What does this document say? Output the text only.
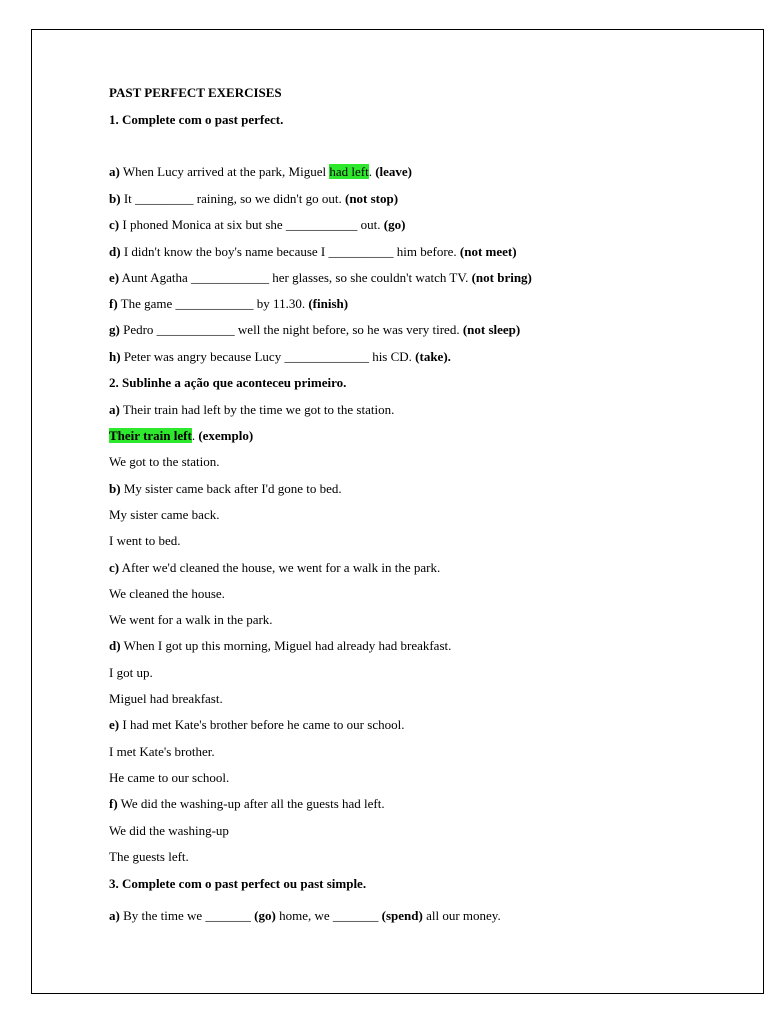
PAST PERFECT EXERCISES
1. Complete com o past perfect.
a) When Lucy arrived at the park, Miguel had left. (leave)
b) It _________ raining, so we didn't go out. (not stop)
c) I phoned Monica at six but she ___________ out. (go)
d) I didn't know the boy's name because I __________ him before. (not meet)
e) Aunt Agatha ____________ her glasses, so she couldn't watch TV. (not bring)
f) The game ____________ by 11.30. (finish)
g) Pedro ____________ well the night before, so he was very tired. (not sleep)
h) Peter was angry because Lucy _____________ his CD. (take).
2. Sublinhe a ação que aconteceu primeiro.
a) Their train had left by the time we got to the station.
Their train left. (exemplo)
We got to the station.
b) My sister came back after I'd gone to bed.
My sister came back.
I went to bed.
c) After we'd cleaned the house, we went for a walk in the park.
We cleaned the house.
We went for a walk in the park.
d) When I got up this morning, Miguel had already had breakfast.
I got up.
Miguel had breakfast.
e) I had met Kate's brother before he came to our school.
I met Kate's brother.
He came to our school.
f) We did the washing-up after all the guests had left.
We did the washing-up
The guests left.
3. Complete com o past perfect ou past simple.
a) By the time we _______ (go) home, we _______ (spend) all our money.
